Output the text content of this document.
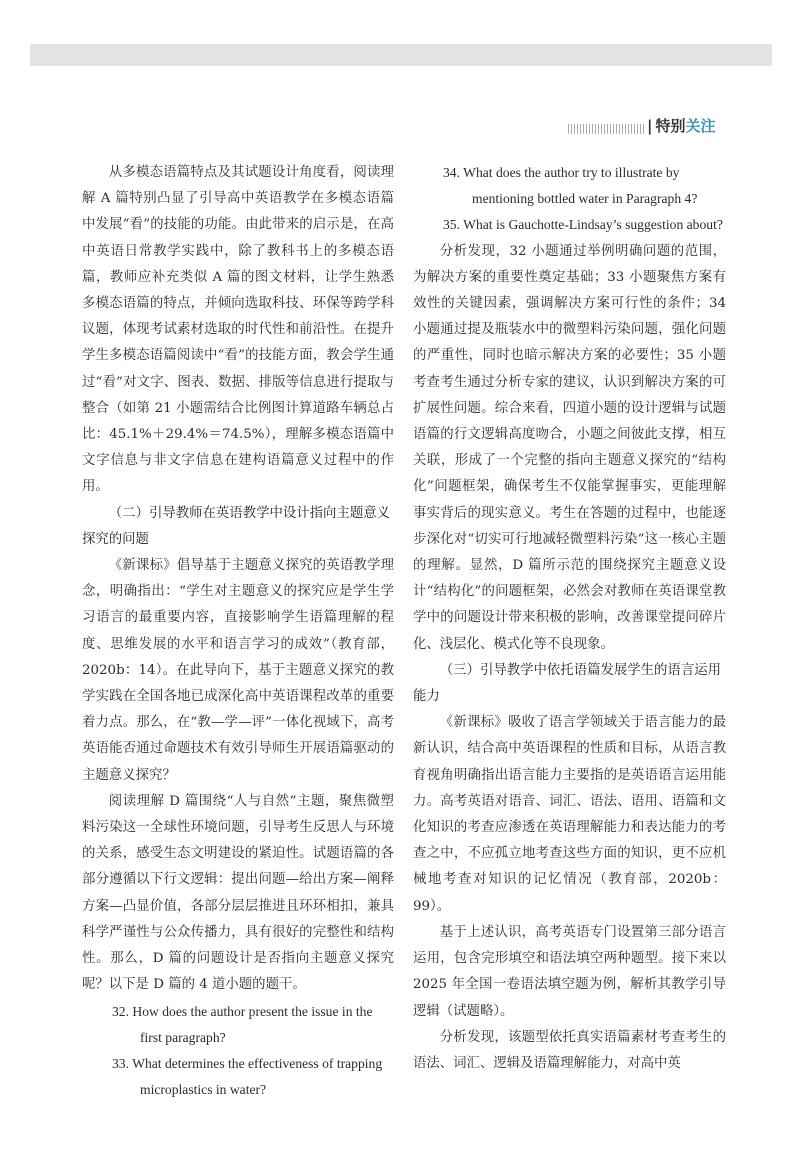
| 特别关注

从多模态语篇特点及其试题设计角度看，阅读理解 A 篇特别凸显了引导高中英语教学在多模态语篇中发展“看”的技能的功能。由此带来的启示是，在高中英语日常教学实践中，除了教科书上的多模态语篇，教师应补充类似 A 篇的图文材料，让学生熟悉多模态语篇的特点，并倾向选取科技、环保等跨学科议题，体现考试素材选取的时代性和前沿性。在提升学生多模态语篇阅读中“看”的技能方面，教会学生通过“看”对文字、图表、数据、排版等信息进行提取与整合（如第 21 小题需结合比例图计算道路车辆总占比：45.1%＋29.4%＝74.5%），理解多模态语篇中文字信息与非文字信息在建构语篇意义过程中的作用。

（二）引导教师在英语教学中设计指向主题意义探究的问题

《新课标》倡导基于主题意义探究的英语教学理念，明确指出：“学生对主题意义的探究应是学生学习语言的最重要内容，直接影响学生语篇理解的程度、思维发展的水平和语言学习的成效”（教育部，2020b：14）。在此导向下，基于主题意义探究的教学实践在全国各地已成深化高中英语课程改革的重要着力点。那么，在“教—学—评”一体化视域下，高考英语能否通过命题技术有效引导师生开展语篇驱动的主题意义探究？

阅读理解 D 篇围绕“人与自然”主题，聚焦微塑料污染这一全球性环境问题，引导考生反思人与环境的关系，感受生态文明建设的紧迫性。试题语篇的各部分遵循以下行文逻辑：提出问题—给出方案—阐释方案—凸显价值，各部分层层推进且环环相扣，兼具科学严谨性与公众传播力，具有很好的完整性和结构性。那么，D 篇的问题设计是否指向主题意义探究呢？以下是 D 篇的 4 道小题的题干。

32. How does the author present the issue in the first paragraph?
33. What determines the effectiveness of trapping microplastics in water?
34. What does the author try to illustrate by mentioning bottled water in Paragraph 4?
35. What is Gauchotte-Lindsay’s suggestion about?

分析发现，32 小题通过举例明确问题的范围，为解决方案的重要性奠定基础；33 小题聚焦方案有效性的关键因素，强调解决方案可行性的条件；34 小题通过提及瓶装水中的微塑料污染问题，强化问题的严重性，同时也暗示解决方案的必要性；35 小题考查考生通过分析专家的建议，认识到解决方案的可扩展性问题。综合来看，四道小题的设计逻辑与试题语篇的行文逻辑高度吻合，小题之间彼此支撑，相互关联，形成了一个完整的指向主题意义探究的“结构化”问题框架，确保考生不仅能掌握事实，更能理解事实背后的现实意义。考生在答题的过程中，也能逐步深化对“切实可行地减轻微塑料污染”这一核心主题的理解。显然，D 篇所示范的围绕探究主题意义设计“结构化”的问题框架，必然会对教师在英语课堂教学中的问题设计带来积极的影响，改善课堂提问碎片化、浅层化、模式化等不良现象。

（三）引导教学中依托语篇发展学生的语言运用能力

《新课标》吸收了语言学领域关于语言能力的最新认识，结合高中英语课程的性质和目标，从语言教育视角明确指出语言能力主要指的是英语语言运用能力。高考英语对语音、词汇、语法、语用、语篇和文化知识的考查应渗透在英语理解能力和表达能力的考查之中，不应孤立地考查这些方面的知识，更不应机械地考查对知识的记忆情况（教育部，2020b：99）。

基于上述认识，高考英语专门设置第三部分语言运用，包含完形填空和语法填空两种题型。接下来以 2025 年全国一卷语法填空题为例，解析其教学引导逻辑（试题略）。

分析发现，该题型依托真实语篇素材考查考生的语法、词汇、逻辑及语篇理解能力，对高中英
